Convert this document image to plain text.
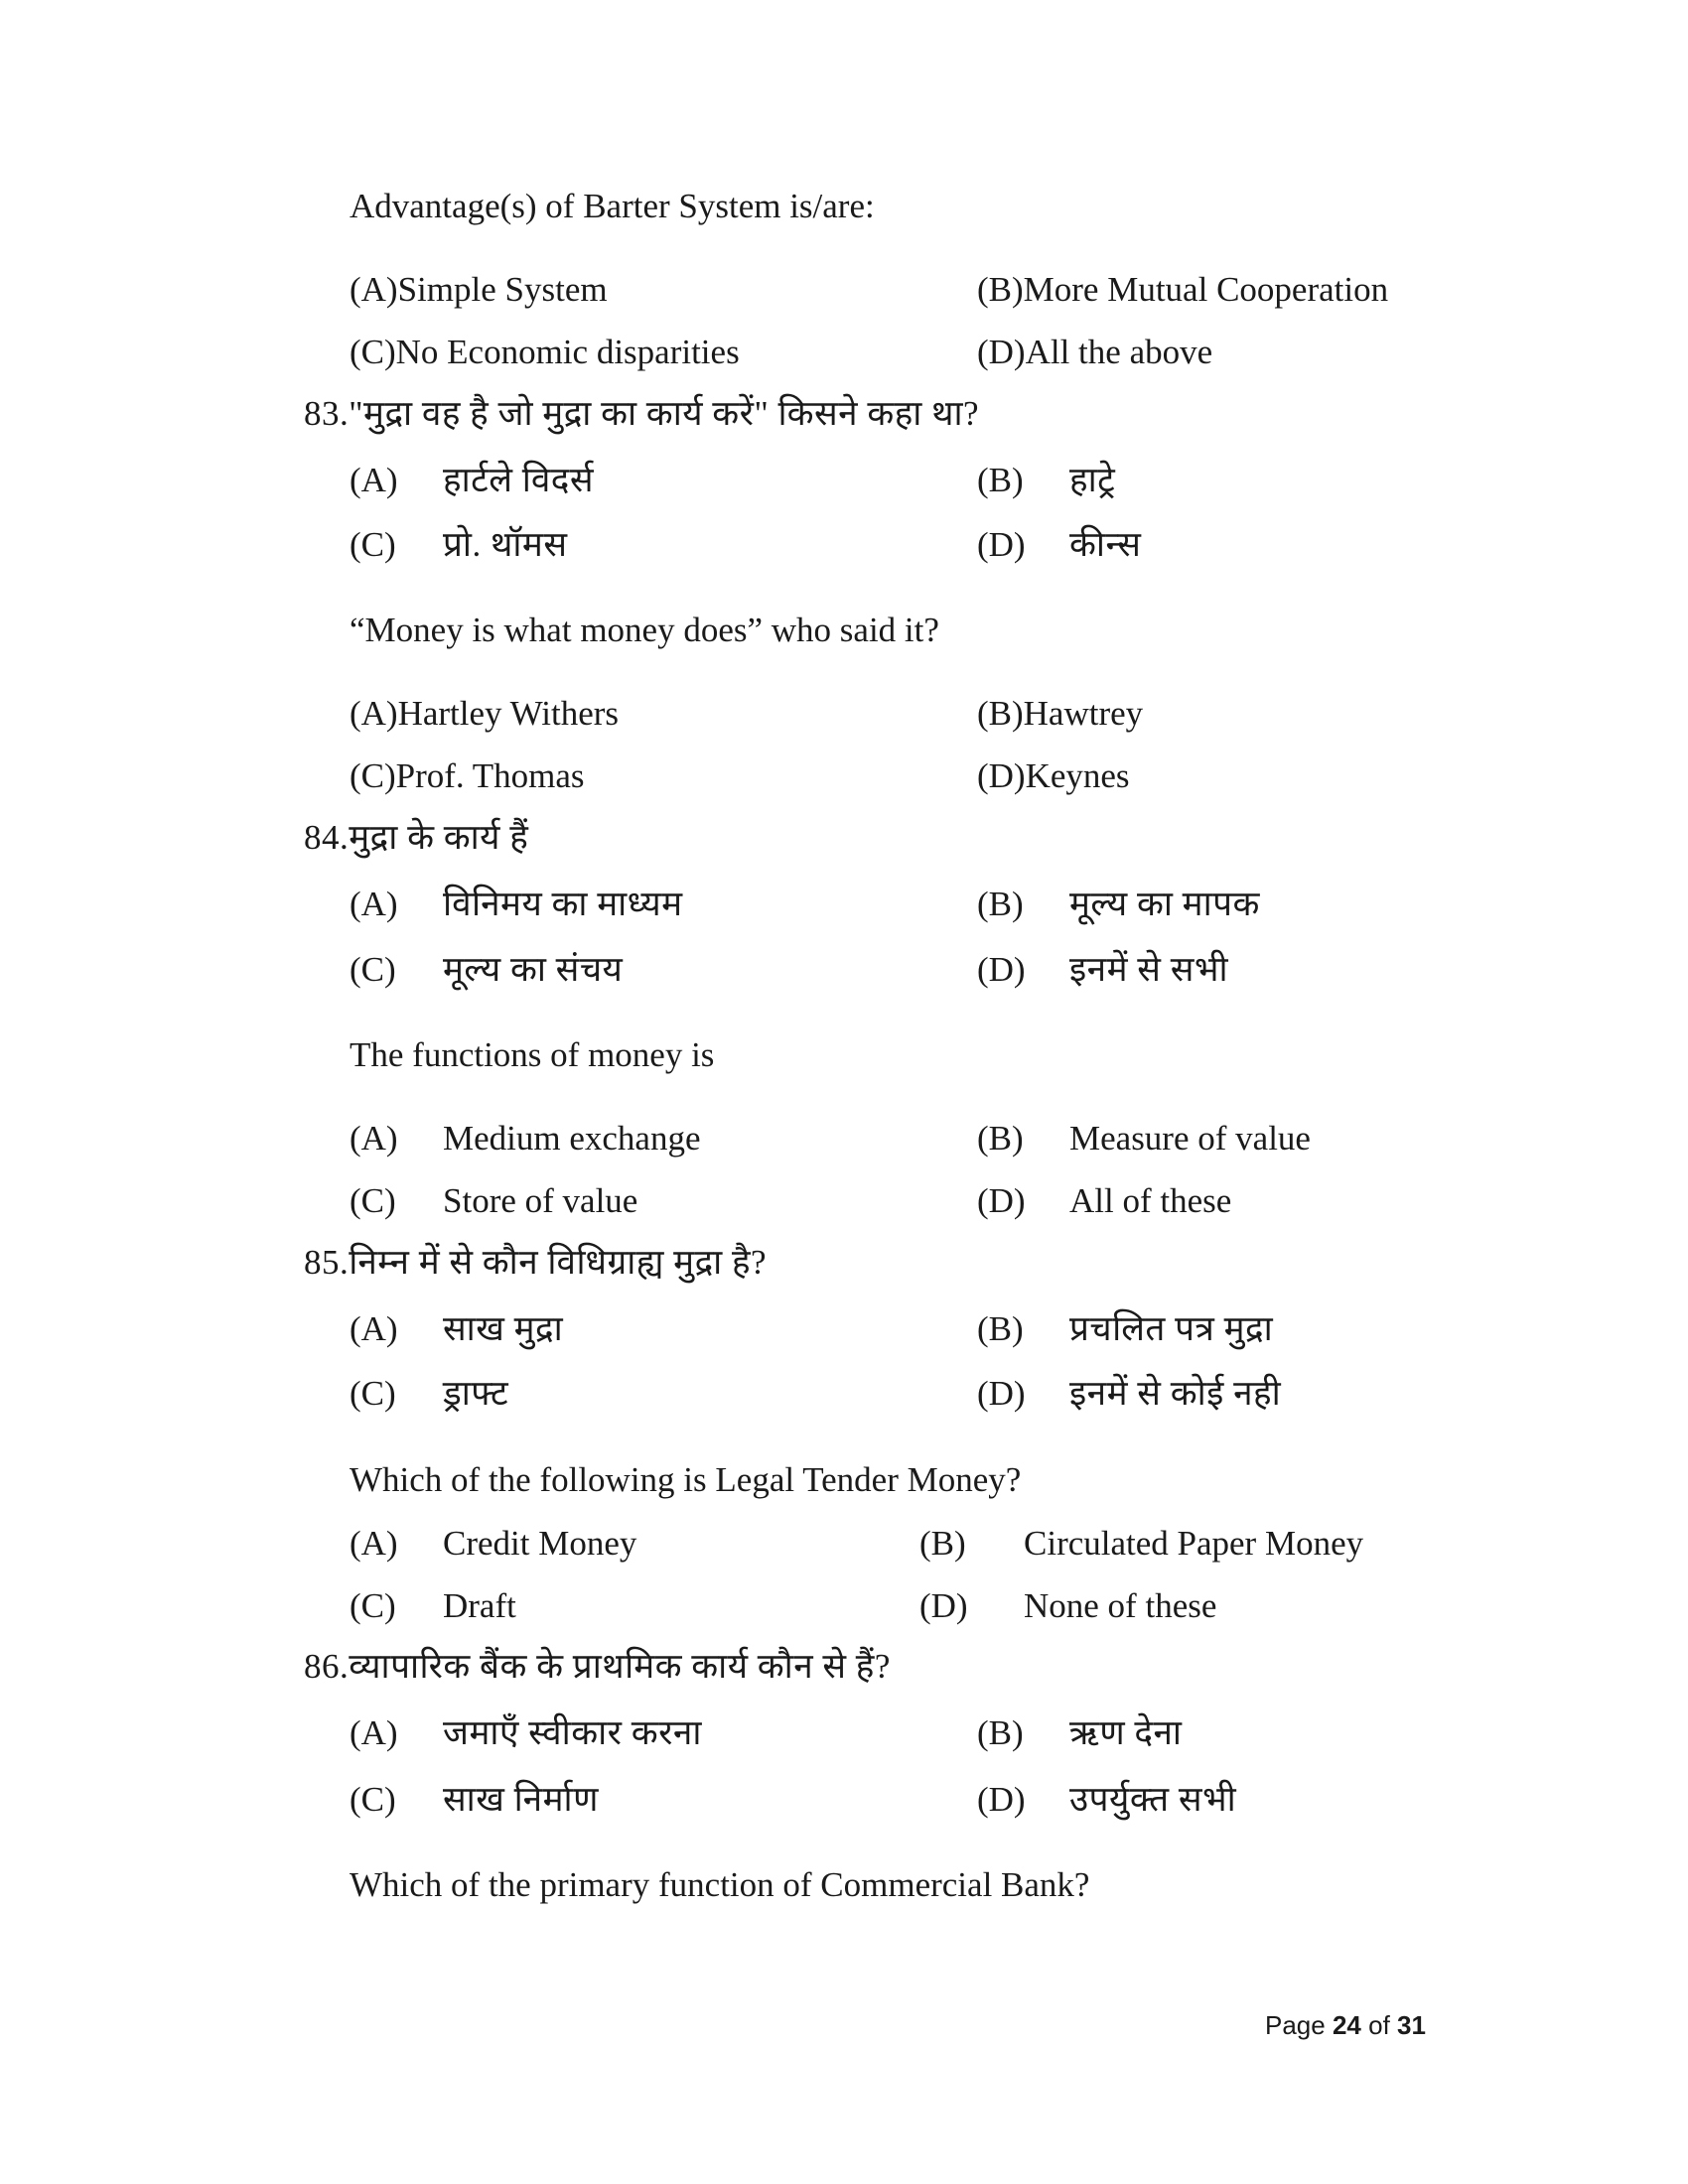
Advantage(s) of Barter System is/are:
(A)Simple System	(B)More Mutual Cooperation
(C)No Economic disparities	(D)All the above
83."मुद्रा वह है जो मुद्रा का कार्य करें" किसने कहा था?
(A) हार्टले विदर्स	(B) हाट्रे
(C) प्रो. थॉमस	(D) कीन्स
“Money is what money does” who said it?
(A)Hartley Withers	(B)Hawtrey
(C)Prof. Thomas	(D)Keynes
84.मुद्रा के कार्य हैं
(A) विनिमय का माध्यम	(B) मूल्य का मापक
(C) मूल्य का संचय	(D) इनमें से सभी
The functions of money is
(A) Medium exchange	(B) Measure of value
(C) Store of value	(D) All of these
85.निम्न में से कौन विधिग्राह्य मुद्रा है?
(A) साख मुद्रा	(B) प्रचलित पत्र मुद्रा
(C) ड्राफ्ट	(D) इनमें से कोई नही
Which of the following is Legal Tender Money?
(A) Credit Money	(B) Circulated Paper Money
(C) Draft	(D) None of these
86.व्यापारिक बैंक के प्राथमिक कार्य कौन से हैं?
(A) जमाएँ स्वीकार करना	(B) ऋण देना
(C) साख निर्माण	(D) उपर्युक्त सभी
Which of the primary function of Commercial Bank?
Page 24 of 31
